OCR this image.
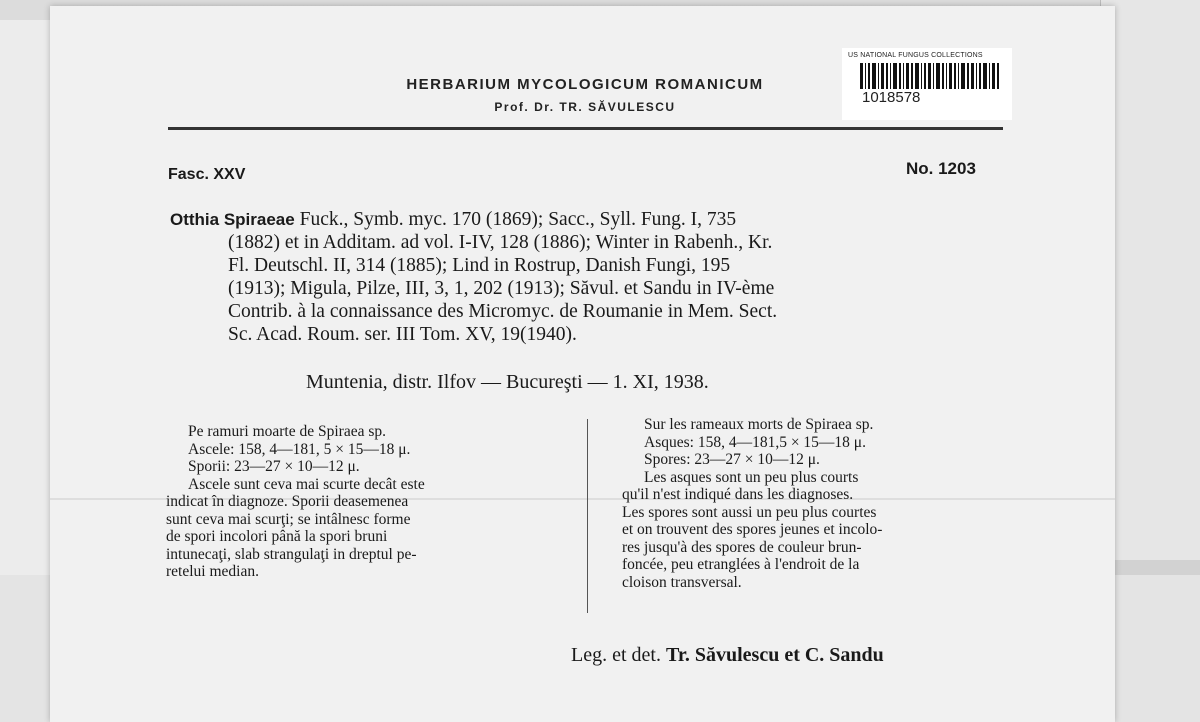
US NATIONAL FUNGUS COLLECTIONS
1018578
HERBARIUM MYCOLOGICUM ROMANICUM
Prof. Dr. TR. SĂVULESCU
Fasc. XXV	No. 1203
Otthia Spiraeae Fuck., Symb. myc. 170 (1869); Sacc., Syll. Fung. I, 735
(1882) et in Additam. ad vol. I-IV, 128 (1886); Winter in Rabenh., Kr.
Fl. Deutschl. II, 314 (1885); Lind in Rostrup, Danish Fungi, 195
(1913); Migula, Pilze, III, 3, 1, 202 (1913); Săvul. et Sandu in IV-ème
Contrib. à la connaissance des Micromyc. de Roumanie in Mem. Sect.
Sc. Acad. Roum. ser. III Tom. XV, 19(1940).
Muntenia, distr. Ilfov — Bucureşti — 1. XI, 1938.
Pe ramuri moarte de Spiraea sp.
Ascele: 158, 4—181, 5 × 15—18 μ.
Sporii: 23—27 × 10—12 μ.
Ascele sunt ceva mai scurte decât este
indicat în diagnoze. Sporii deasemenea
sunt ceva mai scurţi; se intâlnesc forme
de spori incolori până la spori bruni
intunecaţi, slab strangulaţi in dreptul pe-
retelui median.
Sur les rameaux morts de Spiraea sp.
Asques: 158, 4—181,5 × 15—18 μ.
Spores: 23—27 × 10—12 μ.
Les asques sont un peu plus courts
qu'il n'est indiqué dans les diagnoses.
Les spores sont aussi un peu plus courtes
et on trouvent des spores jeunes et incolo-
res jusqu'à des spores de couleur brun-
foncée, peu etranglées à l'endroit de la
cloison transversal.
Leg. et det. Tr. Săvulescu et C. Sandu
